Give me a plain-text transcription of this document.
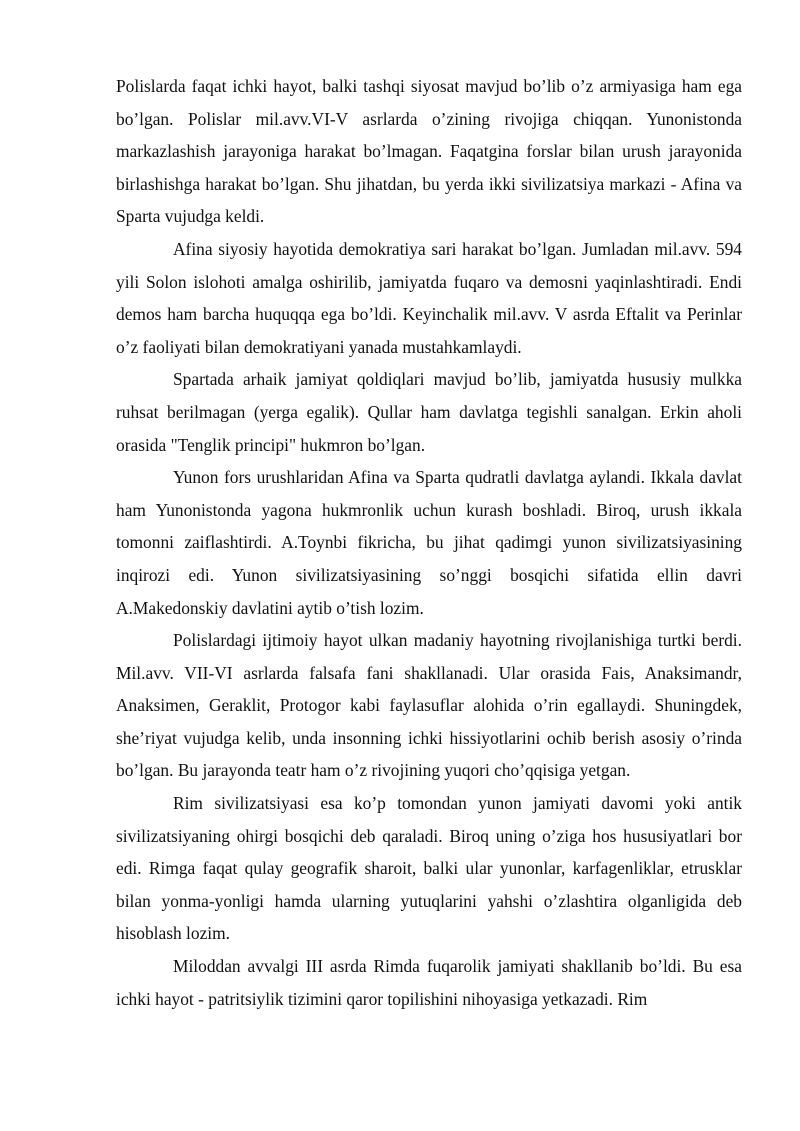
Polislarda faqat ichki hayot, balki tashqi siyosat mavjud bo’lib o’z armiyasiga ham ega bo’lgan. Polislar mil.avv.VI-V asrlarda o’zining rivojiga chiqqan. Yunonistonda markazlashish jarayoniga harakat bo’lmagan. Faqatgina forslar bilan urush jarayonida birlashishga harakat bo’lgan. Shu jihatdan, bu yerda ikki sivilizatsiya markazi - Afina va Sparta vujudga keldi.

Afina siyosiy hayotida demokratiya sari harakat bo’lgan. Jumladan mil.avv. 594 yili Solon islohoti amalga oshirilib, jamiyatda fuqaro va demosni yaqinlashtiradi. Endi demos ham barcha huquqqa ega bo’ldi. Keyinchalik mil.avv. V asrda Eftalit va Perinlar o’z faoliyati bilan demokratiyani yanada mustahkamlaydi.

Spartada arhaik jamiyat qoldiqlari mavjud bo’lib, jamiyatda hususiy mulkka ruhsat berilmagan (yerga egalik). Qullar ham davlatga tegishli sanalgan. Erkin aholi orasida "Tenglik principi" hukmron bo’lgan.

Yunon fors urushlaridan Afina va Sparta qudratli davlatga aylandi. Ikkala davlat ham Yunonistonda yagona hukmronlik uchun kurash boshladi. Biroq, urush ikkala tomonni zaiflashtirdi. A.Toynbi fikricha, bu jihat qadimgi yunon sivilizatsiyasining inqirozi edi. Yunon sivilizatsiyasining so’nggi bosqichi sifatida ellin davri A.Makedonskiy davlatini aytib o’tish lozim.

Polislardagi ijtimoiy hayot ulkan madaniy hayotning rivojlanishiga turtki berdi. Mil.avv. VII-VI asrlarda falsafa fani shakllanadi. Ular orasida Fais, Anaksimandr, Anaksimen, Geraklit, Protogor kabi faylasuflar alohida o’rin egallaydi. Shuningdek, she’riyat vujudga kelib, unda insonning ichki hissiyotlarini ochib berish asosiy o’rinda bo’lgan. Bu jarayonda teatr ham o’z rivojining yuqori cho’qqisiga yetgan.

Rim sivilizatsiyasi esa ko’p tomondan yunon jamiyati davomi yoki antik sivilizatsiyaning ohirgi bosqichi deb qaraladi. Biroq uning o’ziga hos hususiyatlari bor edi. Rimga faqat qulay geografik sharoit, balki ular yunonlar, karfagenliklar, etrusklar bilan yonma-yonligi hamda ularning yutuqlarini yahshi o’zlashtira olganligida deb hisoblash lozim.

Miloddan avvalgi III asrda Rimda fuqarolik jamiyati shakllanib bo’ldi. Bu esa ichki hayot - patritsiylik tizimini qaror topilishini nihoyasiga yetkazadi. Rim
